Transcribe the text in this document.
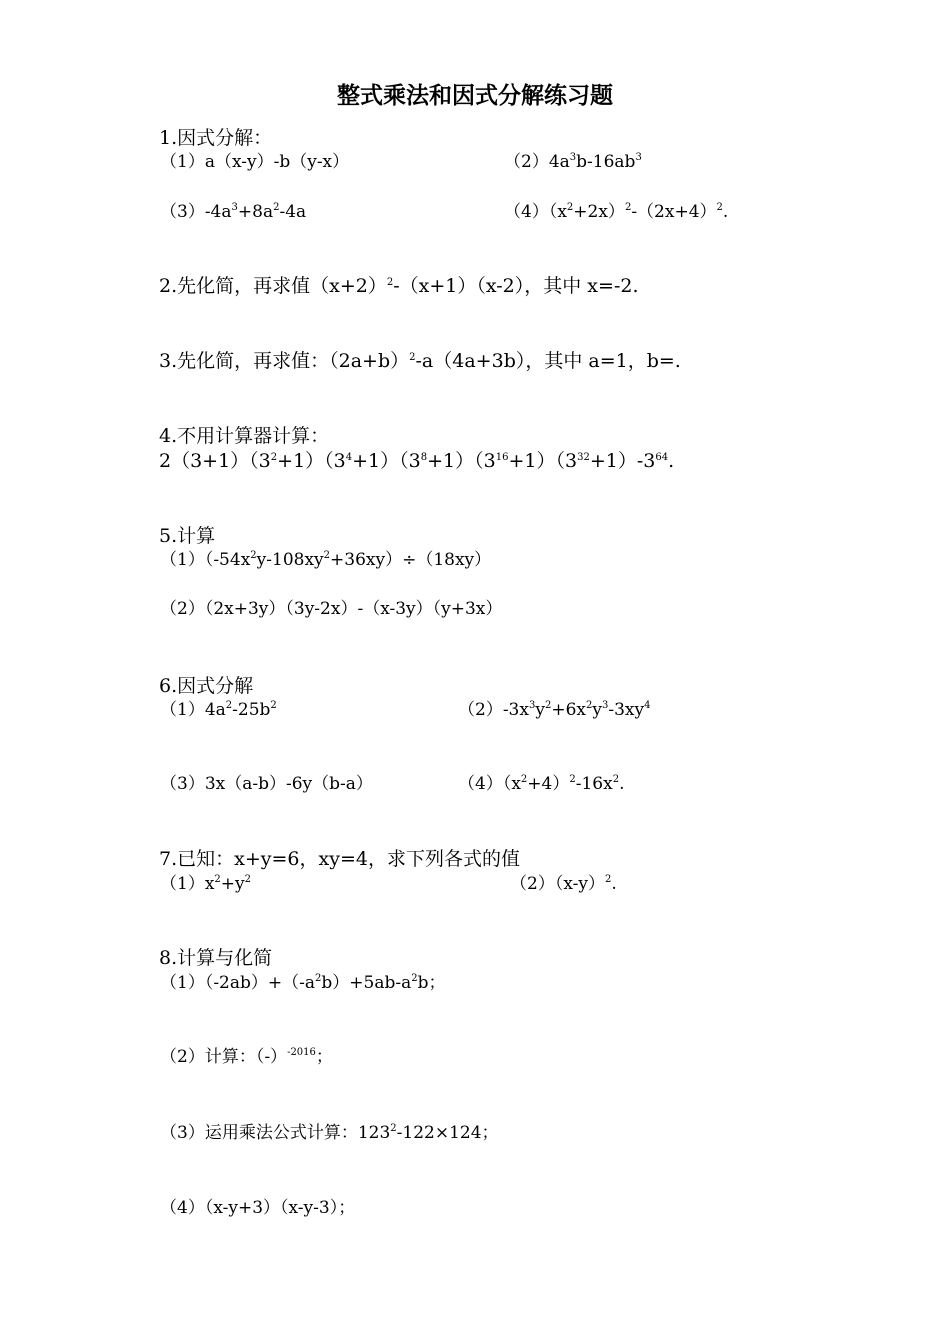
整式乘法和因式分解练习题
1.因式分解：
（1）a（x-y）-b（y-x）	$(2)4a^3b-16ab^3$
$(3)-4a^3+8a^2-4a$	$(4)(x^2+2x)^2-(2x+4)^2$.
2.先化简，再求值$(x+2)^2-(x+1)(x-2)$，其中 x=-2.
3.先化简，再求值：$(2a+b)^2-a(4a+3b)$，其中 a=1，b=.
4.不用计算器计算：
$2(3+1)(3^2+1)(3^4+1)(3^8+1)(3^{16}+1)(3^{32}+1)-3^{64}$.
5.计算
$(1)(-54x^2y-108xy^2+36xy)\div(18xy)$
（2）（2x+3y）（3y-2x）-（x-3y）（y+3x）
6.因式分解
$(1)4a^2-25b^2$	$(2)-3x^3y^2+6x^2y^3-3xy^4$
（3）3x（a-b）-6y（b-a）	$(4)(x^2+4)^2-16x^2$.
7.已知：x+y=6，xy=4，求下列各式的值
$(1)x^2+y^2$	$(2)(x-y)^2$.
8.计算与化简
$(1)(-2ab)+(-a^2b)+5ab-a^2b$；
（2）计算：$(-)^{-2016}$；
（3）运用乘法公式计算：$123^2-122\times 124$；
（4）（x-y+3）（x-y-3）；
